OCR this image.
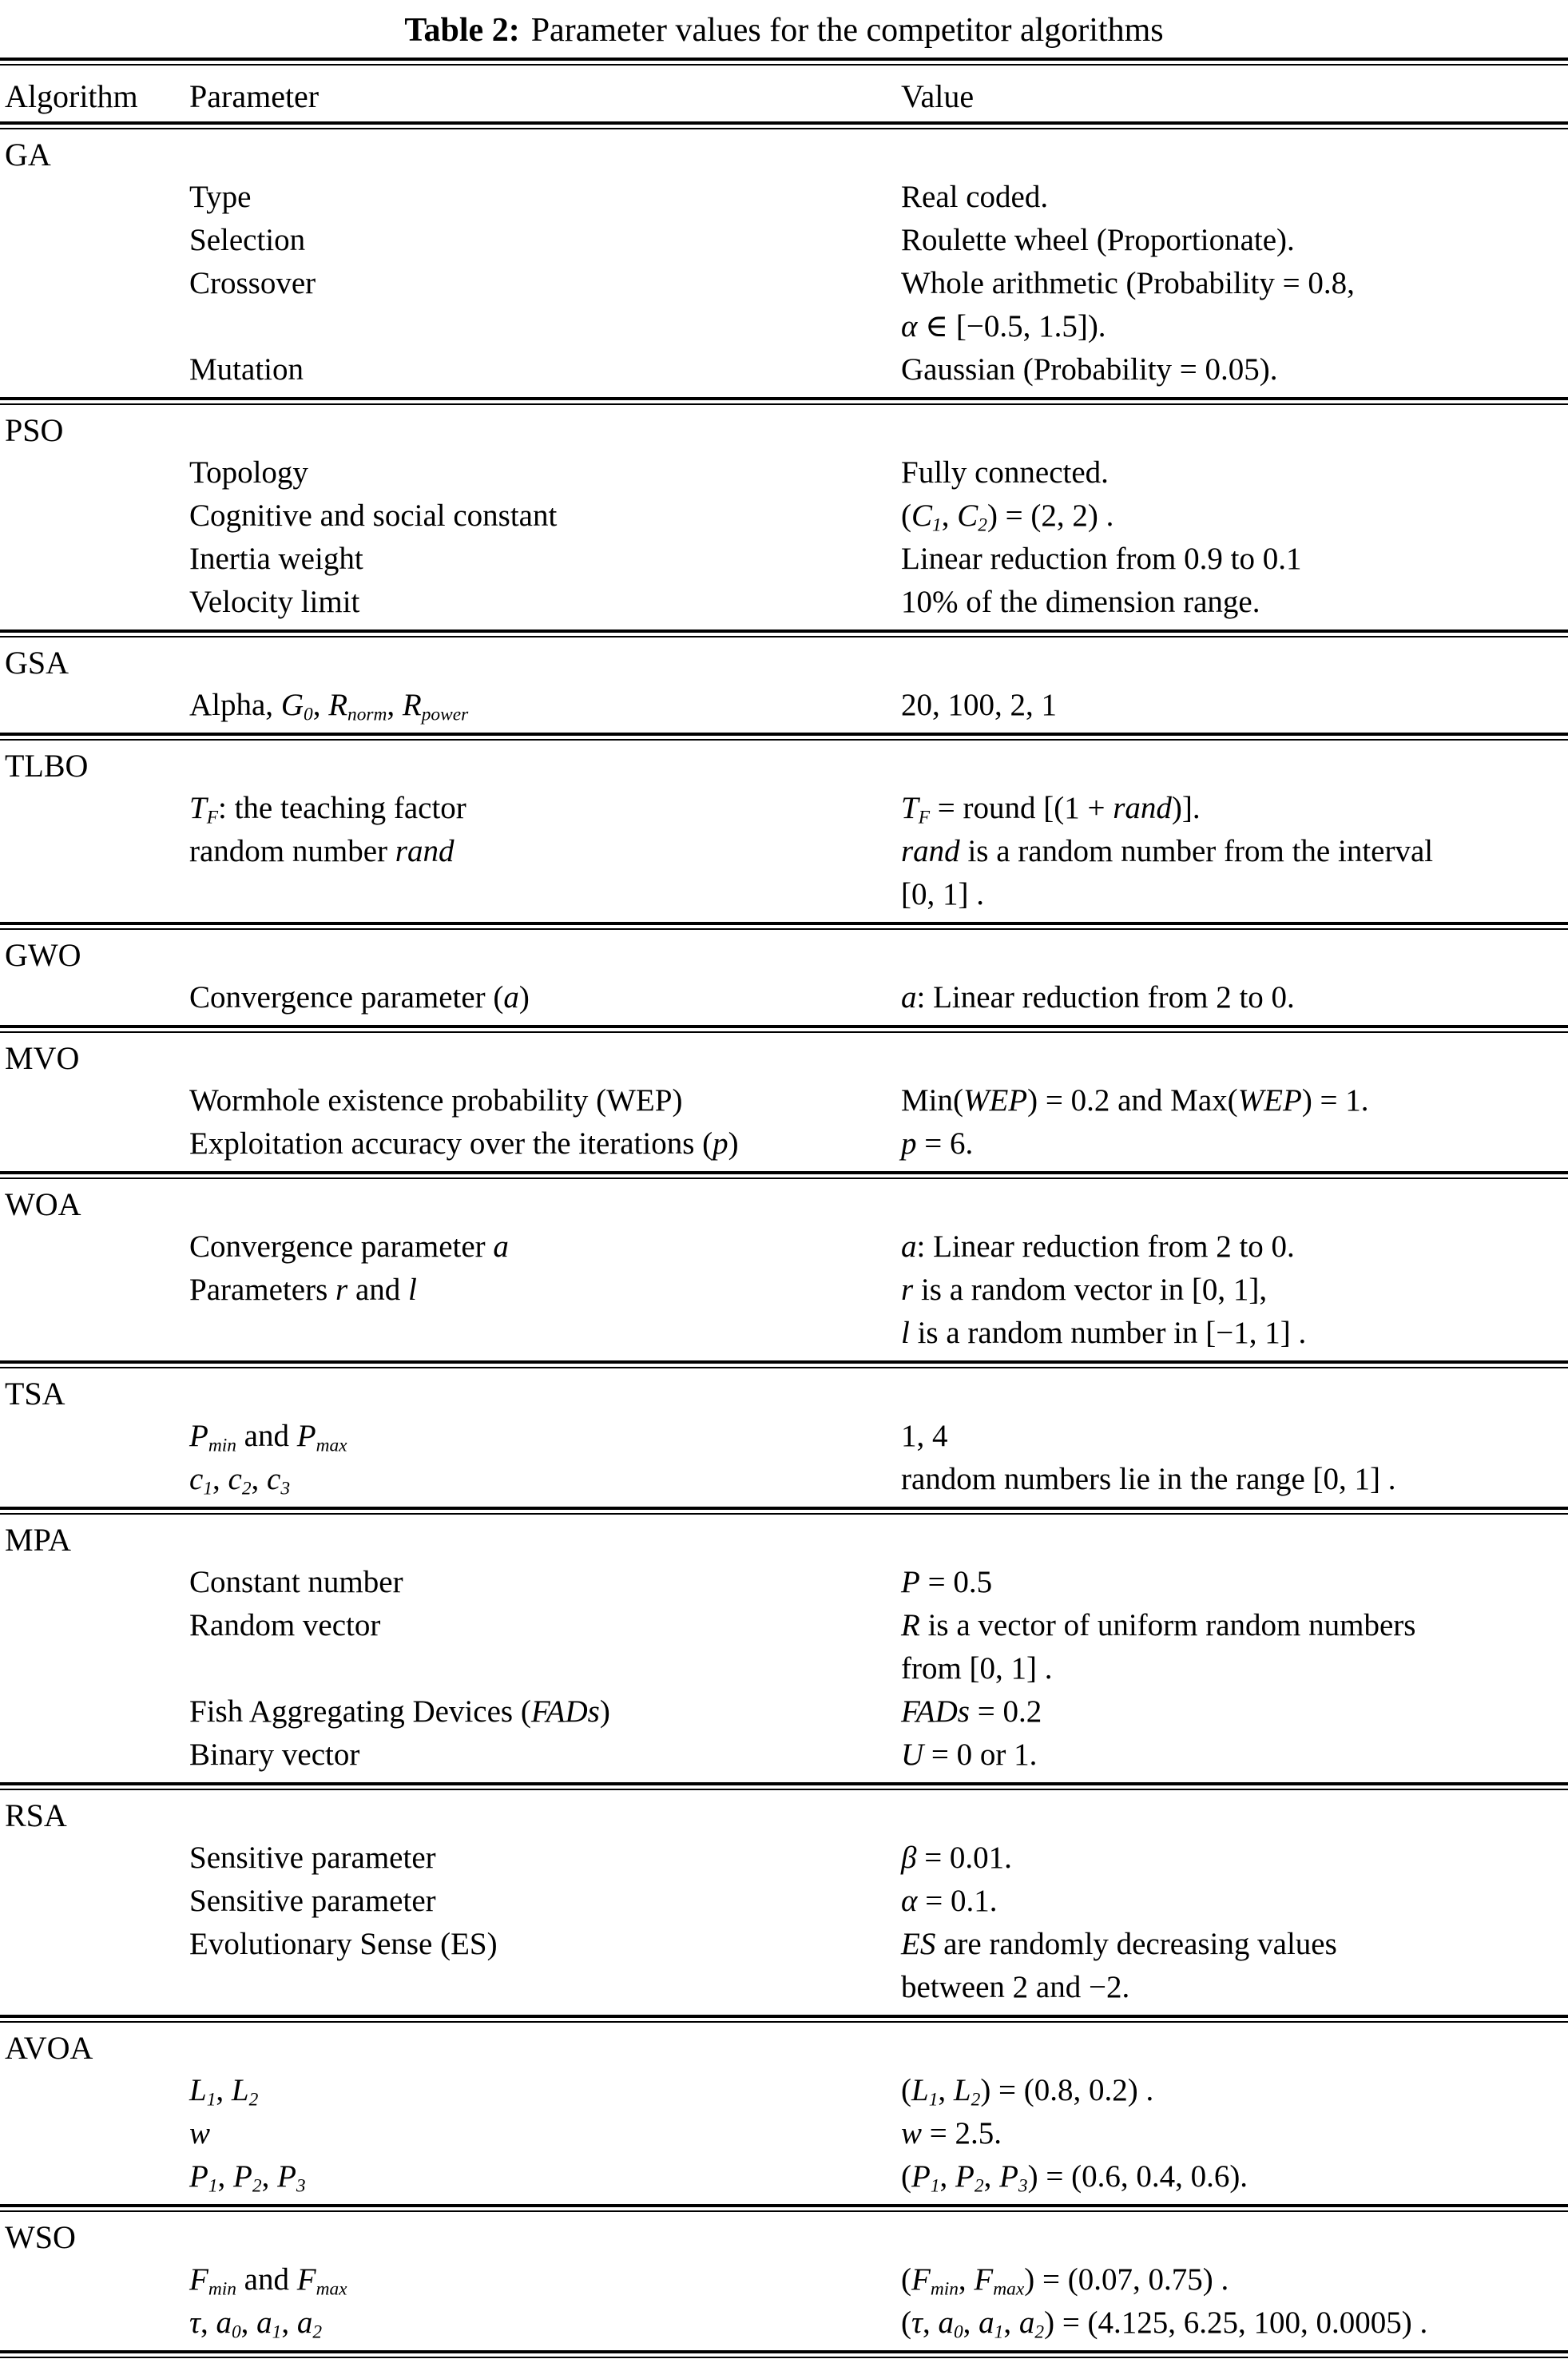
Table 2: Parameter values for the competitor algorithms
Algorithm Parameter	Value
GA
Type	Real coded.
Selection	Roulette wheel (Proportionate).
Crossover	Whole arithmetic (Probability = 0.8,
α ∈ [−0.5, 1.5]).
Mutation	Gaussian (Probability = 0.05).
PSO
Topology	Fully connected.
Cognitive and social constant	($C_1$, $C_2) = (2$, 2) .
Inertia weight	Linear reduction from 0.9 to 0.1
Velocity limit	10% of the dimension range.
GSA
Alpha, $G_0$, $R_{norm}$, $R_{power}$	20, 100, 2, 1
TLBO
$T_F$: the teaching factor	$T_F$ = round [(1 + rand)].
random number rand	rand is a random number from the interval
[0, 1] .
GWO
Convergence parameter (a)	a: Linear reduction from 2 to 0.
MVO
Wormhole existence probability (WEP)	Min(WEP) = 0.2 and Max(WEP) = 1.
Exploitation accuracy over the iterations (p)	p = 6.
WOA
Convergence parameter a	a: Linear reduction from 2 to 0.
Parameters r and l	r is a random vector in [0, 1],
l is a random number in [−1, 1] .
TSA
$P_{min}$ and $P_{max}$	1, 4
$c_1$, $c_2$, $c_3$	random numbers lie in the range [0, 1] .
MPA
Constant number	P = 0.5
Random vector	R is a vector of uniform random numbers
from [0, 1] .
Fish Aggregating Devices (FADs)	FADs = 0.2
Binary vector	U = 0 or 1.
RSA
Sensitive parameter	β = 0.01.
Sensitive parameter	α = 0.1.
Evolutionary Sense (ES)	ES are randomly decreasing values
between 2 and −2.
AVOA
$L_1$, $L_2$	($L_1$, $L_2) = (0.8$, 0.2) .
w	w = 2.5.
$P_1$, $P_2$, $P_3$	($P_1$, $P_2$, $P_3) = (0.6$, 0.4, 0.6).
WSO
$F_{min}$ and $F_{max}$	($F_{min}$, $F_{max}) = (0.07$, 0.75) .
τ, $a_0$, $a_1$, $a_2$	(τ, $a_0$, $a_1$, $a_2) = (4.125$, 6.25, 100, 0.0005) .
